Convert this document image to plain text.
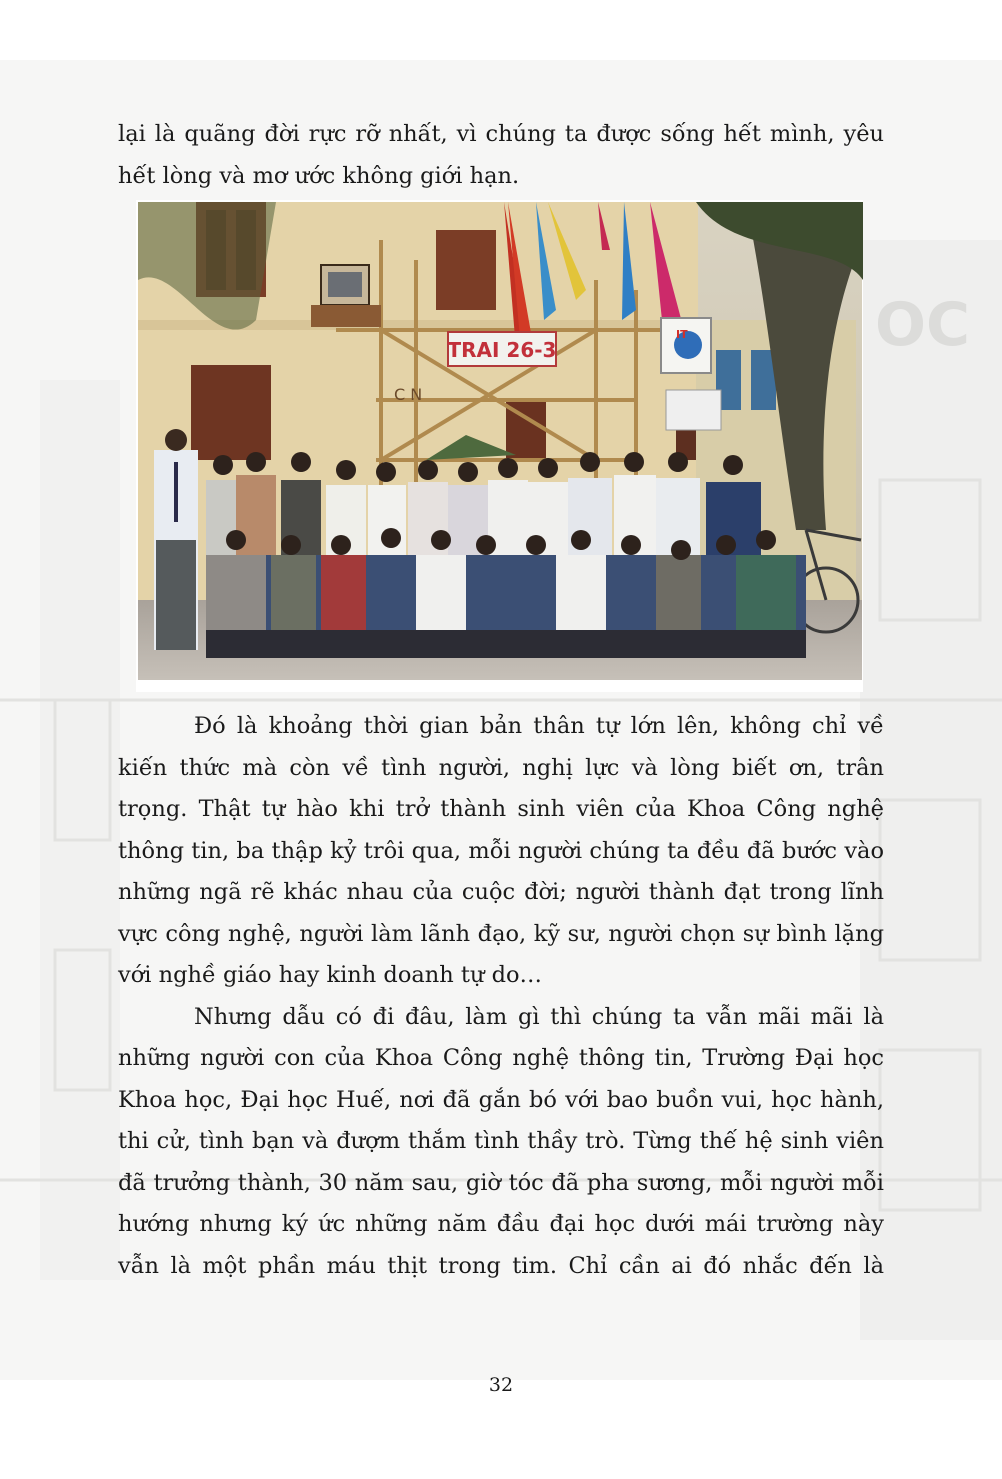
OC

lại là quãng đời rực rỡ nhất, vì chúng ta được sống hết mình, yêu hết lòng và mơ ước không giới hạn.

TRAI 26-3
IT
C N

Đó là khoảng thời gian bản thân tự lớn lên, không chỉ về kiến thức mà còn về tình người, nghị lực và lòng biết ơn, trân trọng. Thật tự hào khi trở thành sinh viên của Khoa Công nghệ thông tin, ba thập kỷ trôi qua, mỗi người chúng ta đều đã bước vào những ngã rẽ khác nhau của cuộc đời; người thành đạt trong lĩnh vực công nghệ, người làm lãnh đạo, kỹ sư, người chọn sự bình lặng với nghề giáo hay kinh doanh tự do…

Nhưng dẫu có đi đâu, làm gì thì chúng ta vẫn mãi mãi là những người con của Khoa Công nghệ thông tin, Trường Đại học Khoa học, Đại học Huế, nơi đã gắn bó với bao buồn vui, học hành, thi cử, tình bạn và đượm thắm tình thầy trò. Từng thế hệ sinh viên đã trưởng thành, 30 năm sau, giờ tóc đã pha sương, mỗi người mỗi hướng nhưng ký ức những năm đầu đại học dưới mái trường này vẫn là một phần máu thịt trong tim. Chỉ cần ai đó nhắc đến là

32
